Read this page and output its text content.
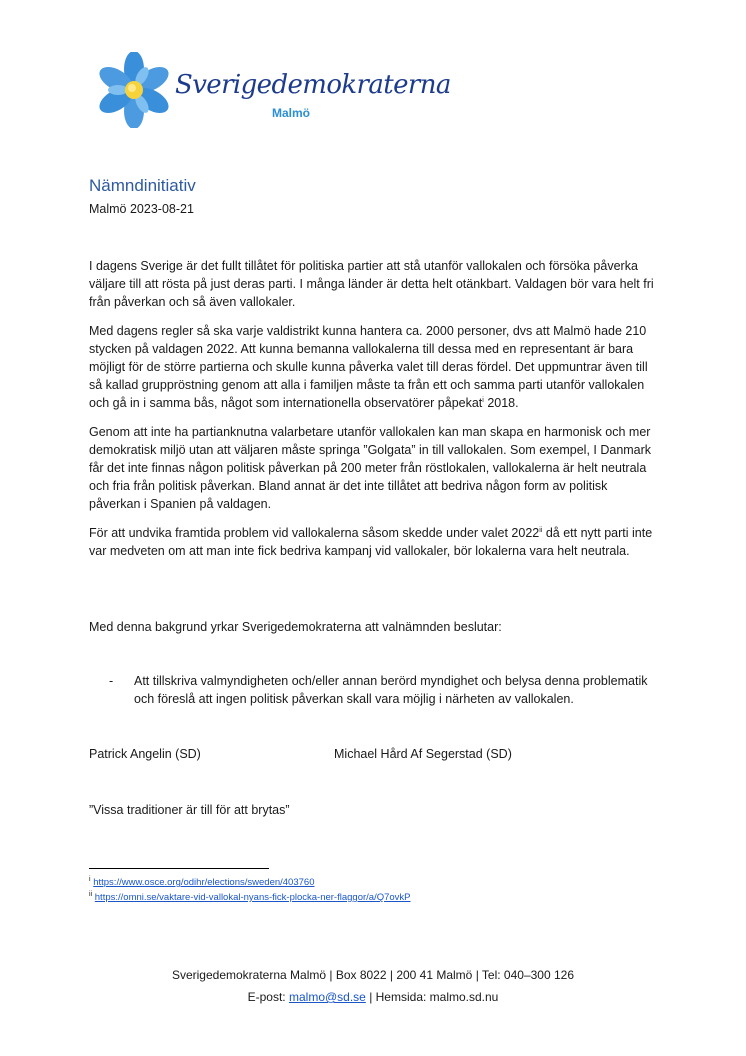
Sverigedemokraterna
Malmö
Nämndinitiativ
Malmö 2023-08-21

I dagens Sverige är det fullt tillåtet för politiska partier att stå utanför vallokalen och försöka påverka väljare till att rösta på just deras parti. I många länder är detta helt otänkbart. Valdagen bör vara helt fri från påverkan och så även vallokaler.

Med dagens regler så ska varje valdistrikt kunna hantera ca. 2000 personer, dvs att Malmö hade 210 stycken på valdagen 2022. Att kunna bemanna vallokalerna till dessa med en representant är bara möjligt för de större partierna och skulle kunna påverka valet till deras fördel. Det uppmuntrar även till så kallad gruppröstning genom att alla i familjen måste ta från ett och samma parti utanför vallokalen och gå in i samma bås, något som internationella observatörer påpekat$^i$ 2018.

Genom att inte ha partianknutna valarbetare utanför vallokalen kan man skapa en harmonisk och mer demokratisk miljö utan att väljaren måste springa ”Golgata” in till vallokalen. Som exempel, I Danmark får det inte finnas någon politisk påverkan på 200 meter från röstlokalen, vallokalerna är helt neutrala och fria från politisk påverkan. Bland annat är det inte tillåtet att bedriva någon form av politisk påverkan i Spanien på valdagen.

För att undvika framtida problem vid vallokalerna såsom skedde under valet 2022$^{ii}$ då ett nytt parti inte var medveten om att man inte fick bedriva kampanj vid vallokaler, bör lokalerna vara helt neutrala.

Med denna bakgrund yrkar Sverigedemokraterna att valnämnden beslutar:
-	Att tillskriva valmyndigheten och/eller annan berörd myndighet och belysa denna problematik och föreslå att ingen politisk påverkan skall vara möjlig i närheten av vallokalen.
Patrick Angelin (SD)	Michael Hård Af Segerstad (SD)
”Vissa traditioner är till för att brytas”
$^i$ https://www.osce.org/odihr/elections/sweden/403760
$^{ii}$ https://omni.se/vaktare-vid-vallokal-nyans-fick-plocka-ner-flaggor/a/Q7ovkP
Sverigedemokraterna Malmö | Box 8022 | 200 41 Malmö | Tel: 040–300 126
E-post: malmo@sd.se | Hemsida: malmo.sd.nu
